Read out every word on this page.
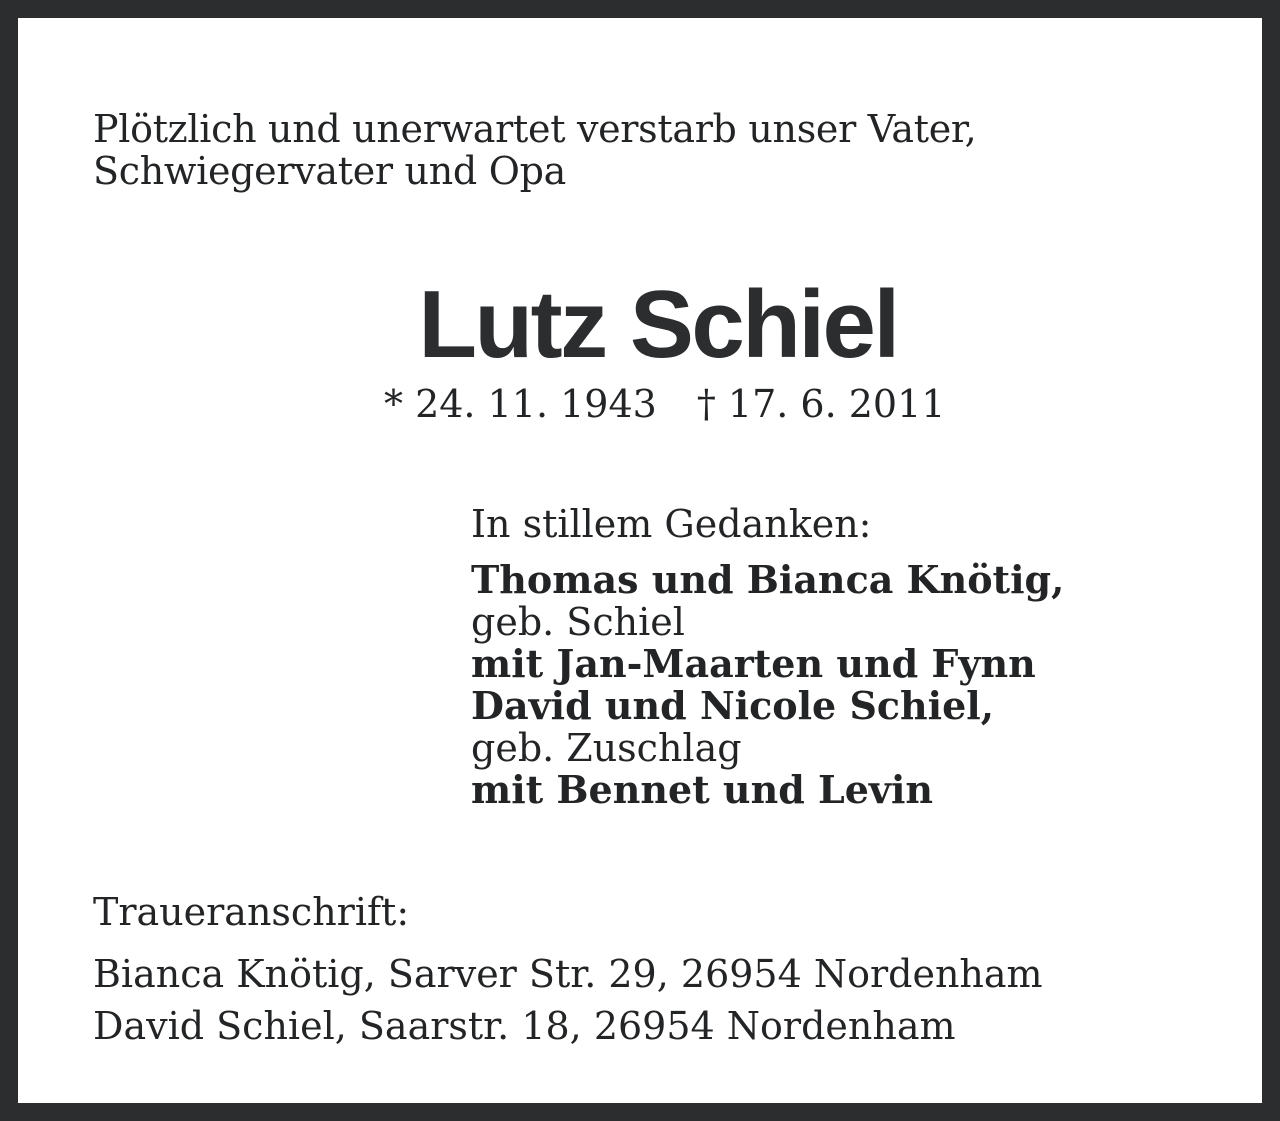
Plötzlich und unerwartet verstarb unser Vater,
Schwiegervater und Opa
Lutz Schiel

* 24. 11. 1943 † 17. 6. 2011

In stillem Gedanken:
Thomas und Bianca Knötig,
geb. Schiel
mit Jan-Maarten und Fynn
David und Nicole Schiel,
geb. Zuschlag
mit Bennet und Levin
Traueranschrift:
Bianca Knötig, Sarver Str. 29, 26954 Nordenham
David Schiel, Saarstr. 18, 26954 Nordenham
